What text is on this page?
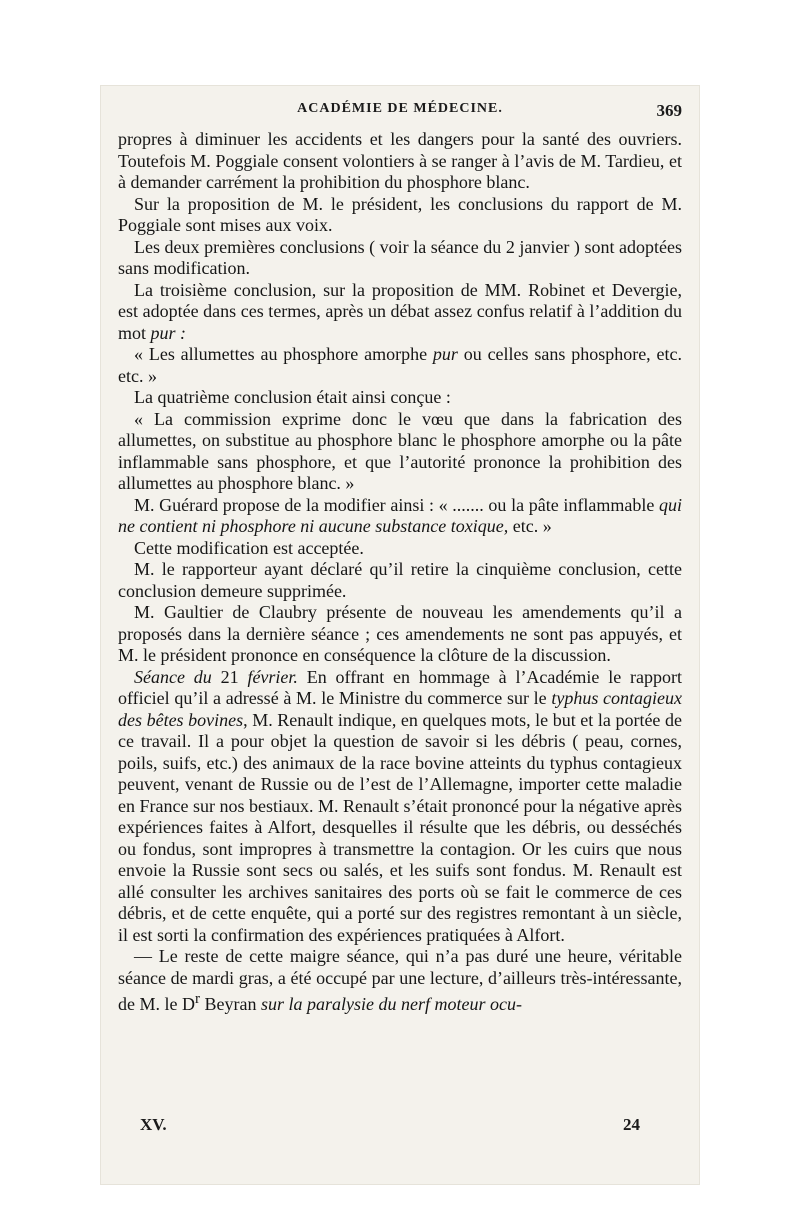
ACADÉMIE DE MÉDECINE.	369

propres à diminuer les accidents et les dangers pour la santé des ouvriers. Toutefois M. Poggiale consent volontiers à se ranger à l’avis de M. Tardieu, et à demander carrément la prohibition du phosphore blanc.

Sur la proposition de M. le président, les conclusions du rapport de M. Poggiale sont mises aux voix.

Les deux premières conclusions ( voir la séance du 2 janvier ) sont adoptées sans modification.

La troisième conclusion, sur la proposition de MM. Robinet et Devergie, est adoptée dans ces termes, après un débat assez confus relatif à l’addition du mot pur :

« Les allumettes au phosphore amorphe pur ou celles sans phosphore, etc. etc. »

La quatrième conclusion était ainsi conçue :

« La commission exprime donc le vœu que dans la fabrication des allumettes, on substitue au phosphore blanc le phosphore amorphe ou la pâte inflammable sans phosphore, et que l’autorité prononce la prohibition des allumettes au phosphore blanc. »

M. Guérard propose de la modifier ainsi : « ....... ou la pâte inflammable qui ne contient ni phosphore ni aucune substance toxique, etc. »

Cette modification est acceptée.

M. le rapporteur ayant déclaré qu’il retire la cinquième conclusion, cette conclusion demeure supprimée.

M. Gaultier de Claubry présente de nouveau les amendements qu’il a proposés dans la dernière séance ; ces amendements ne sont pas appuyés, et M. le président prononce en conséquence la clôture de la discussion.

Séance du 21 février. En offrant en hommage à l’Académie le rapport officiel qu’il a adressé à M. le Ministre du commerce sur le typhus contagieux des bêtes bovines, M. Renault indique, en quelques mots, le but et la portée de ce travail. Il a pour objet la question de savoir si les débris ( peau, cornes, poils, suifs, etc.) des animaux de la race bovine atteints du typhus contagieux peuvent, venant de Russie ou de l’est de l’Allemagne, importer cette maladie en France sur nos bestiaux. M. Renault s’était prononcé pour la négative après expériences faites à Alfort, desquelles il résulte que les débris, ou desséchés ou fondus, sont impropres à transmettre la contagion. Or les cuirs que nous envoie la Russie sont secs ou salés, et les suifs sont fondus. M. Renault est allé consulter les archives sanitaires des ports où se fait le commerce de ces débris, et de cette enquête, qui a porté sur des registres remontant à un siècle, il est sorti la confirmation des expériences pratiquées à Alfort.

— Le reste de cette maigre séance, qui n’a pas duré une heure, véritable séance de mardi gras, a été occupé par une lecture, d’ailleurs très-intéressante, de M. le $D^r$ Beyran sur la paralysie du nerf moteur ocu-

XV.	24
